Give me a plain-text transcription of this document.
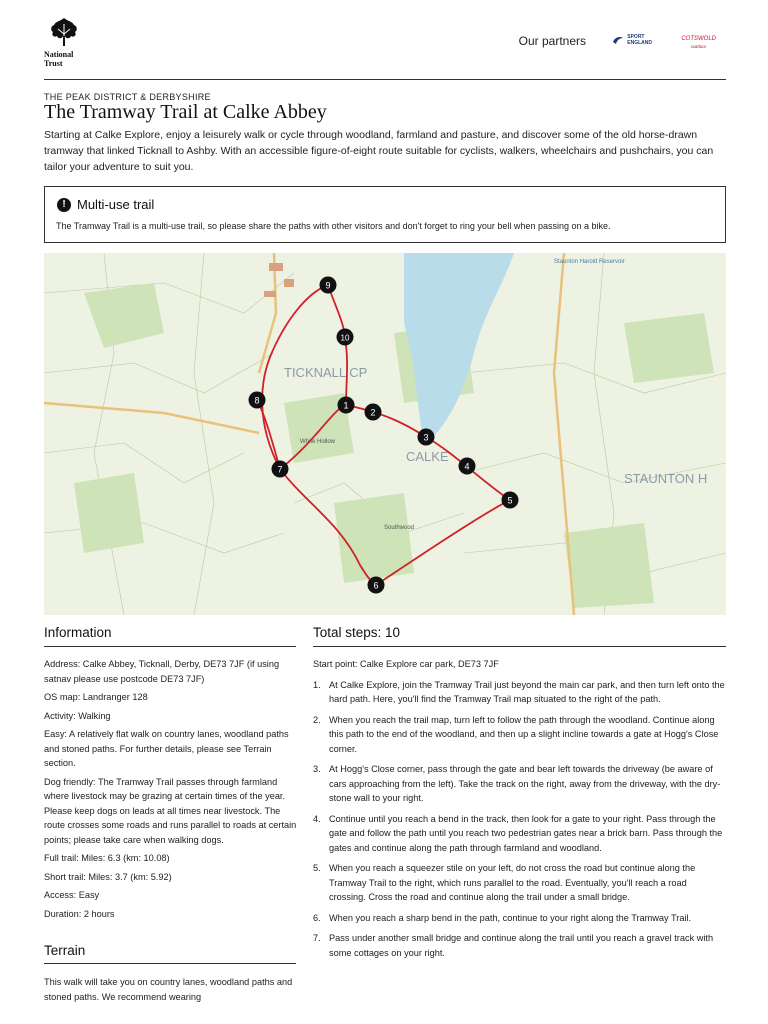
National
Trust
Our partners	SPORT
ENGLAND
COTSWOLD
outdoor
THE PEAK DISTRICT & DERBYSHIRE
The Tramway Trail at Calke Abbey

Starting at Calke Explore, enjoy a leisurely walk or cycle through woodland, farmland and pasture, and discover some of the old horse-drawn tramway that linked Ticknall to Ashby. With an accessible figure-of-eight route suitable for cyclists, walkers, wheelchairs and pushchairs, you can tailor your adventure to suit you.

! Multi-use trail
The Tramway Trail is a multi-use trail, so please share the paths with other visitors and don't forget to ring your bell when passing on a bike.
1
2
3
4
5
6
7
8
9
10
TICKNALL CP
CALKE
STAUNTON H
Staunton Harold Reservoir
Southwood
White Hollow
Information

Address: Calke Abbey, Ticknall, Derby, DE73 7JF (if using satnav please use postcode DE73 7JF)

OS map: Landranger 128

Activity: Walking

Easy: A relatively flat walk on country lanes, woodland paths and stoned paths. For further details, please see Terrain section.

Dog friendly: The Tramway Trail passes through farmland where livestock may be grazing at certain times of the year. Please keep dogs on leads at all times near livestock. The route crosses some roads and runs parallel to roads at certain points; please take care when walking dogs.

Full trail: Miles: 6.3 (km: 10.08)

Short trail: Miles: 3.7 (km: 5.92)

Access: Easy

Duration: 2 hours

Terrain

This walk will take you on country lanes, woodland paths and stoned paths. We recommend wearing

Total steps: 10

Start point: Calke Explore car park, DE73 7JF

1. At Calke Explore, join the Tramway Trail just beyond the main car park, and then turn left onto the hard path. Here, you'll find the Tramway Trail map situated to the right of the path.
2. When you reach the trail map, turn left to follow the path through the woodland. Continue along this path to the end of the woodland, and then up a slight incline towards a gate at Hogg's Close corner.
3. At Hogg's Close corner, pass through the gate and bear left towards the driveway (be aware of cars approaching from the left). Take the track on the right, away from the driveway, with the dry-stone wall to your right.
4. Continue until you reach a bend in the track, then look for a gate to your right. Pass through the gate and follow the path until you reach two pedestrian gates near a brick barn. Pass through the gates and continue along the path through farmland and woodland.
5. When you reach a squeezer stile on your left, do not cross the road but continue along the Tramway Trail to the right, which runs parallel to the road. Eventually, you'll reach a road crossing. Cross the road and continue along the trail under a small bridge.
6. When you reach a sharp bend in the path, continue to your right along the Tramway Trail.
7. Pass under another small bridge and continue along the trail until you reach a gravel track with some cottages on your right.
